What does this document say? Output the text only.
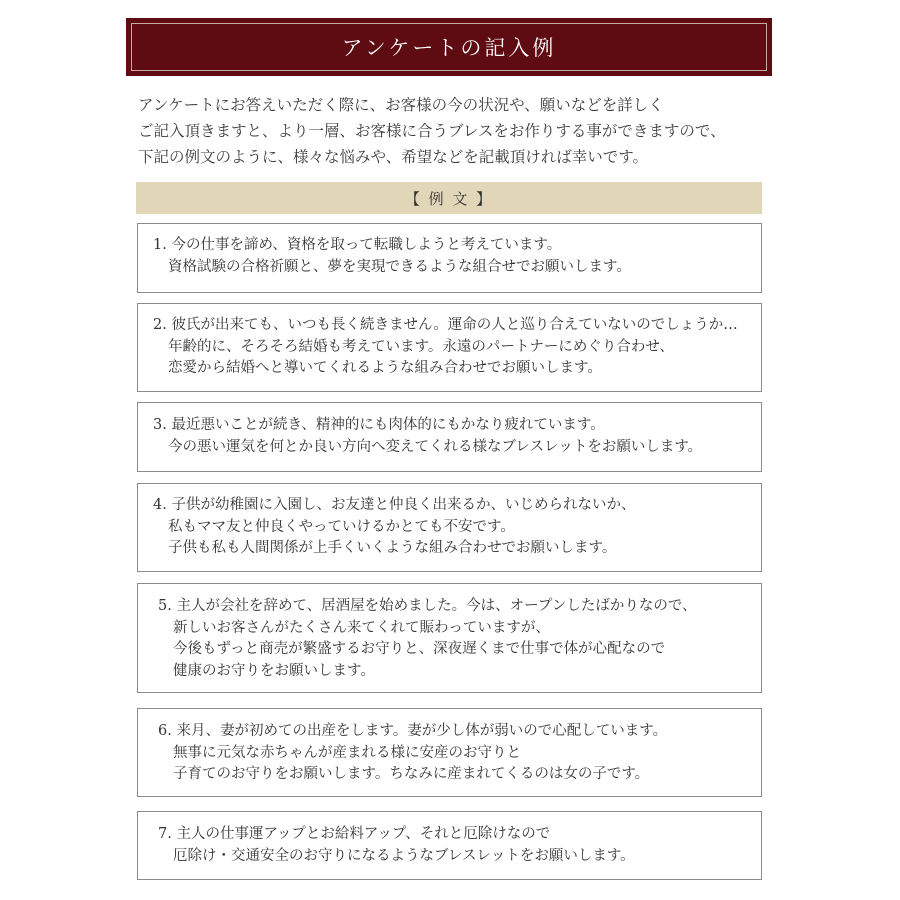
アンケートの記入例

アンケートにお答えいただく際に、お客様の今の状況や、願いなどを詳しく

ご記入頂きますと、より一層、お客様に合うブレスをお作りする事ができますので、

下記の例文のように、様々な悩みや、希望などを記載頂ければ幸いです。

【 例 文 】

1. 今の仕事を諦め、資格を取って転職しようと考えています。

資格試験の合格祈願と、夢を実現できるような組合せでお願いします。

2. 彼氏が出来ても、いつも長く続きません。運命の人と巡り合えていないのでしょうか…

年齢的に、そろそろ結婚も考えています。永遠のパートナーにめぐり合わせ、

恋愛から結婚へと導いてくれるような組み合わせでお願いします。

3. 最近悪いことが続き、精神的にも肉体的にもかなり疲れています。

今の悪い運気を何とか良い方向へ変えてくれる様なブレスレットをお願いします。

4. 子供が幼稚園に入園し、お友達と仲良く出来るか、いじめられないか、

私もママ友と仲良くやっていけるかとても不安です。

子供も私も人間関係が上手くいくような組み合わせでお願いします。

5. 主人が会社を辞めて、居酒屋を始めました。今は、オープンしたばかりなので、

新しいお客さんがたくさん来てくれて賑わっていますが、

今後もずっと商売が繁盛するお守りと、深夜遅くまで仕事で体が心配なので

健康のお守りをお願いします。

6. 来月、妻が初めての出産をします。妻が少し体が弱いので心配しています。

無事に元気な赤ちゃんが産まれる様に安産のお守りと

子育てのお守りをお願いします。ちなみに産まれてくるのは女の子です。

7. 主人の仕事運アップとお給料アップ、それと厄除けなので

厄除け・交通安全のお守りになるようなブレスレットをお願いします。
